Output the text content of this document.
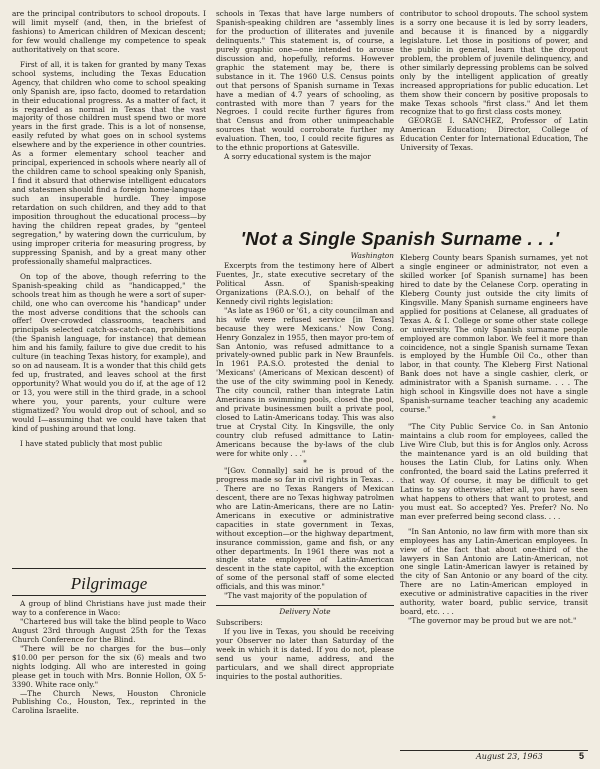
are the principal contributors to school dropouts. I will limit myself (and, then, in the briefest of fashions) to American children of Mexican descent; for few would challenge my competence to speak authoritatively on that score.

First of all, it is taken for granted by many Texas school systems, including the Texas Education Agency, that children who come to school speaking only Spanish are, ipso facto, doomed to retardation in their educational progress. As a matter of fact, it is regarded as normal in Texas that the vast majority of those children must spend two or more years in the first grade. This is a lot of nonsense, easily refuted by what goes on in school systems elsewhere and by the experience in other countries. As a former elementary school teacher and principal, experienced in schools where nearly all of the children came to school speaking only Spanish, I find it absurd that otherwise intelligent educators and statesmen should find a foreign home-language such an insuperable hurdle. They impose retardation on such children, and they add to that imposition throughout the educational process—by having the children repeat grades, by "genteel segregation," by watering down the curriculum, by using improper criteria for measuring progress, by suppressing Spanish, and by a great many other professionally shameful malpractices.

On top of the above, though referring to the Spanish-speaking child as "handicapped," the schools treat him as though he were a sort of super-child, one who can overcome his "handicap" under the most adverse conditions that the schools can offer! Over-crowded classrooms, teachers and principals selected catch-as-catch-can, prohibitions (the Spanish language, for instance) that demean him and his family, failure to give due credit to his culture (in teaching Texas history, for example), and so on ad nauseam. It is a wonder that this child gets fed up, frustrated, and leaves school at the first opportunity? What would you do if, at the age of 12 or 13, you were still in the third grade, in a school where you, your parents, your culture were stigmatized? You would drop out of school, and so would I—assuming that we could have taken that kind of pushing around that long.

I have stated publicly that most public

Pilgrimage

A group of blind Christians have just made their way to a conference in Waco:

"Chartered bus will take the blind people to Waco August 23rd through August 25th for the Texas Church Conference for the Blind.

"There will be no charges for the bus—only $10.00 per person for the six (6) meals and two nights lodging. All who are interested in going please get in touch with Mrs. Bonnie Hollon, OX 5-3390. White race only."

—The Church News, Houston Chronicle Publishing Co., Houston, Tex., reprinted in the Carolina Israelite.

schools in Texas that have large numbers of Spanish-speaking children are "assembly lines for the production of illiterates and juvenile delinquents." This statement is, of course, a purely graphic one—one intended to arouse discussion and, hopefully, reforms. However graphic the statement may be, there is substance in it. The 1960 U.S. Census points out that persons of Spanish surname in Texas have a median of 4.7 years of schooling, as contrasted with more than 7 years for the Negroes. I could recite further figures from that Census and from other unimpeachable sources that would corroborate further my evaluation. Then, too, I could recite figures as to the ethnic proportions at Gatesville.

A sorry educational system is the major

contributor to school dropouts. The school system is a sorry one because it is led by sorry leaders, and because it is financed by a niggardly legislature. Let those in positions of power, and the public in general, learn that the dropout problem, the problem of juvenile delinquency, and other similarly depressing problems can be solved only by the intelligent application of greatly increased appropriations for public education. Let them show their concern by positive proposals to make Texas schools "first class." And let them recognize that to go first class costs money.

GEORGE I. SANCHEZ, Professor of Latin American Education; Director, College of Education Center for International Education, The University of Texas.

'Not a Single Spanish Surname . . .'

Washington

Excerpts from the testimony here of Albert Fuentes, Jr., state executive secretary of the Political Assn. of Spanish-speaking Organizations (P.A.S.O.), on behalf of the Kennedy civil rights legislation:

"As late as 1960 or '61, a city councilman and his wife were refused service [in Texas] because they were Mexicans.' Now Cong. Henry Gonzalez in 1955, then mayor pro-tem of San Antonio, was refused admittance to a privately-owned public park in New Braunfels. In 1961 P.A.S.O. protested the denial to 'Mexicans' (Americans of Mexican descent) of the use of the city swimming pool in Kenedy. The city council, rather than integrate Latin Americans in swimming pools, closed the pool, and private businessmen built a private pool, closed to Latin-Americans today. This was also true at Crystal City. In Kingsville, the only country club refused admittance to Latin-Americans because the by-laws of the club were for white only . . ."

*

"[Gov. Connally] said he is proud of the progress made so far in civil rights in Texas. . . . There are no Texas Rangers of Mexican descent, there are no Texas highway patrolmen who are Latin-Americans, there are no Latin-Americans in executive or administrative capacities in state government in Texas, without exception—or the highway department, insurance commission, game and fish, or any other departments. In 1961 there was not a single state employee of Latin-American descent in the state capitol, with the exception of some of the personal staff of some elected officials, and this was minor."

"The vast majority of the population of

Delivery Note

Subscribers:

If you live in Texas, you should be receiving your Observer no later than Saturday of the week in which it is dated. If you do not, please send us your name, address, and the particulars, and we shall direct appropriate inquiries to the postal authorities.

Kleberg County bears Spanish surnames, yet not a single engineer or administrator, not even a skilled worker [of Spanish surname] has been hired to date by the Celanese Corp. operating in Kleberg County just outside the city limits of Kingsville. Many Spanish surname engineers have applied for positions at Celanese, all graduates of Texas A. & I. College or some other state college or university. The only Spanish surname people employed are common labor. We feel it more than coincidence, not a single Spanish surname Texan is employed by the Humble Oil Co., other than labor, in that county. The Kleberg First National Bank does not have a single cashier, clerk, or administrator with a Spanish surname. . . . The high school in Kingsville does not have a single Spanish-surname teacher teaching any academic course."

*

"The City Public Service Co. in San Antonio maintains a club room for employees, called the Live Wire Club, but this is for Anglos only. Across the maintenance yard is an old building that houses the Latin Club, for Latins only. When confronted, the board said the Latins preferred it that way. Of course, it may be difficult to get Latins to say otherwise; after all, you have seen what happens to others that want to protest, and you must eat. So accepted? Yes. Prefer? No. No man ever preferred being second class. . . .

"In San Antonio, no law firm with more than six employees has any Latin-American employees. In view of the fact that about one-third of the lawyers in San Antonio are Latin-American, not one single Latin-American lawyer is retained by the city of San Antonio or any board of the city. There are no Latin-American employed in executive or administrative capacities in the river authority, water board, public service, transit board, etc. . . .

"The governor may be proud but we are not."

August 23, 1963	5
